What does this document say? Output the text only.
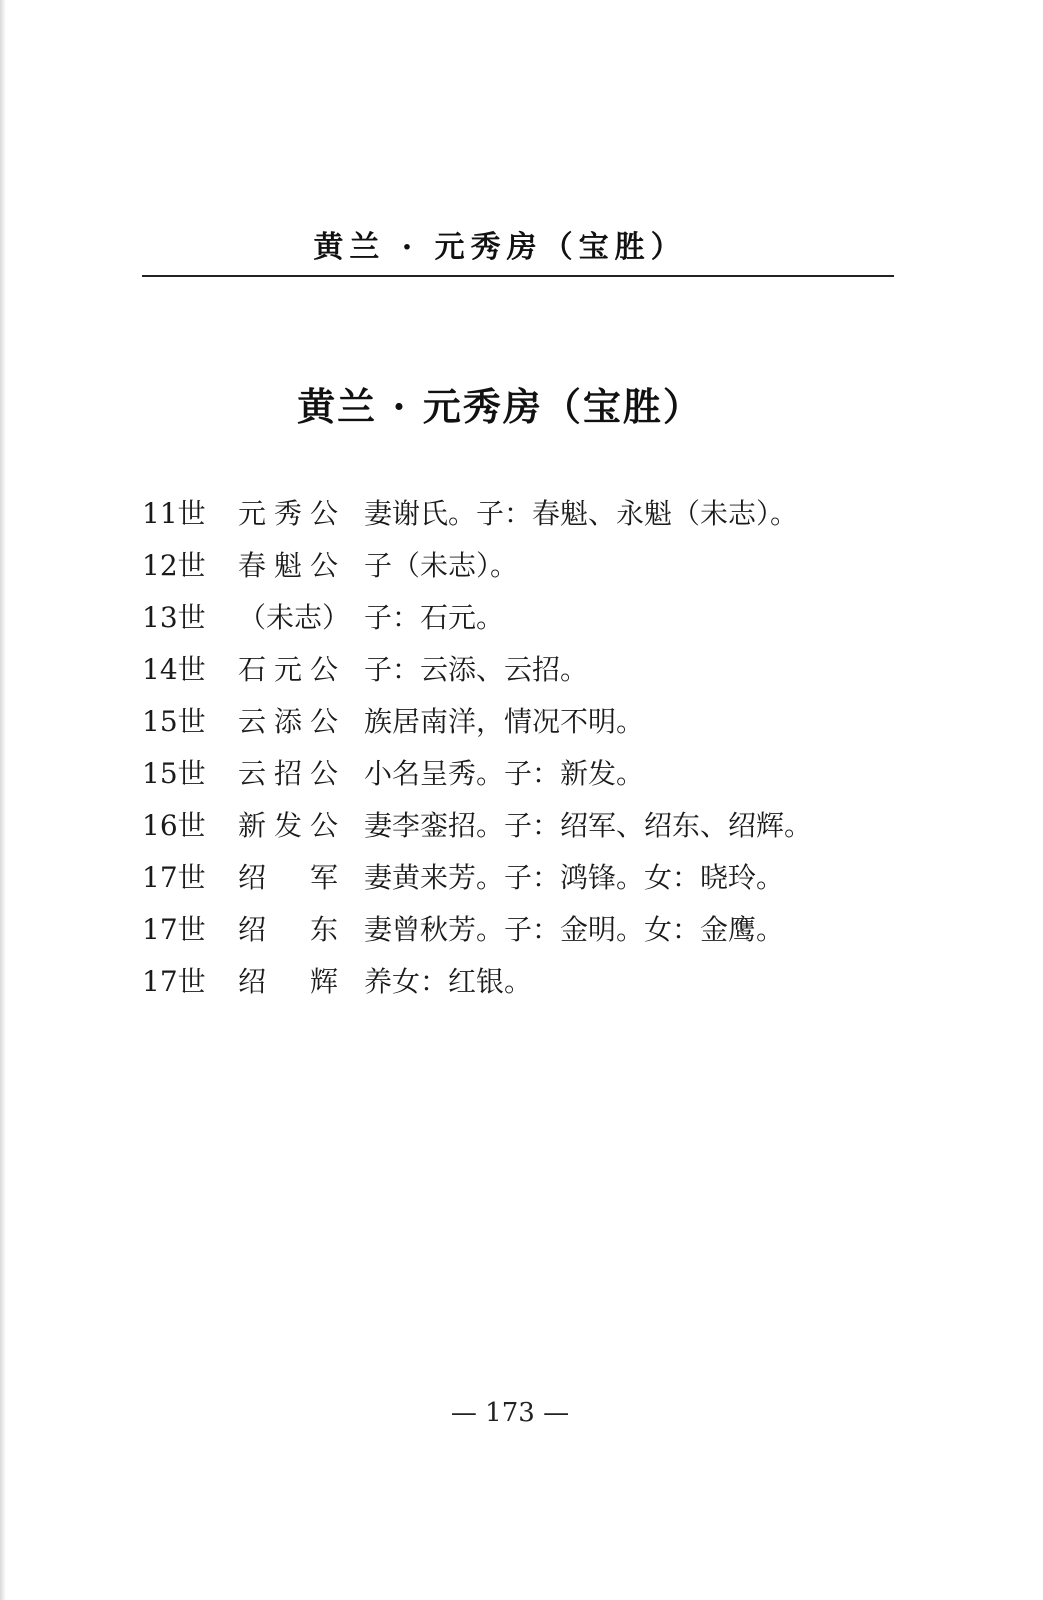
黄兰 · 元秀房（宝胜）
黄兰 · 元秀房（宝胜）
11世	元秀公 妻谢氏。子：春魁、永魁（未志）。
12世	春魁公 子（未志）。
13世	（未志） 子：石元。
14世	石元公 子：云添、云招。
15世	云添公 族居南洋，情况不明。
15世	云招公 小名呈秀。子：新发。
16世	新发公 妻李銮招。子：绍军、绍东、绍辉。
17世	绍军 妻黄来芳。子：鸿锋。女：晓玲。
17世	绍东 妻曾秋芳。子：金明。女：金鹰。
17世	绍辉 养女：红银。
— 173 —
